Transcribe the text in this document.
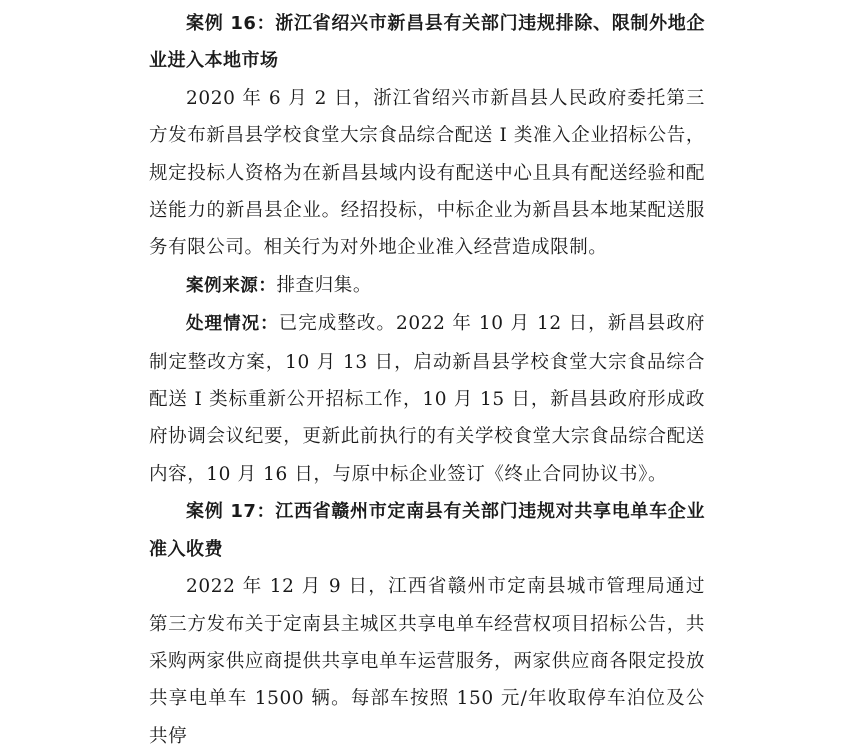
案例 16：浙江省绍兴市新昌县有关部门违规排除、限制外地企业进入本地市场

2020 年 6 月 2 日，浙江省绍兴市新昌县人民政府委托第三方发布新昌县学校食堂大宗食品综合配送 I 类准入企业招标公告，规定投标人资格为在新昌县域内设有配送中心且具有配送经验和配送能力的新昌县企业。经招投标，中标企业为新昌县本地某配送服务有限公司。相关行为对外地企业准入经营造成限制。

案例来源：排查归集。

处理情况：已完成整改。2022 年 10 月 12 日，新昌县政府制定整改方案，10 月 13 日，启动新昌县学校食堂大宗食品综合配送 I 类标重新公开招标工作，10 月 15 日，新昌县政府形成政府协调会议纪要，更新此前执行的有关学校食堂大宗食品综合配送内容，10 月 16 日，与原中标企业签订《终止合同协议书》。

案例 17：江西省赣州市定南县有关部门违规对共享电单车企业准入收费

2022 年 12 月 9 日，江西省赣州市定南县城市管理局通过第三方发布关于定南县主城区共享电单车经营权项目招标公告，共采购两家供应商提供共享电单车运营服务，两家供应商各限定投放共享电单车 1500 辆。每部车按照 150 元/年收取停车泊位及公共停
